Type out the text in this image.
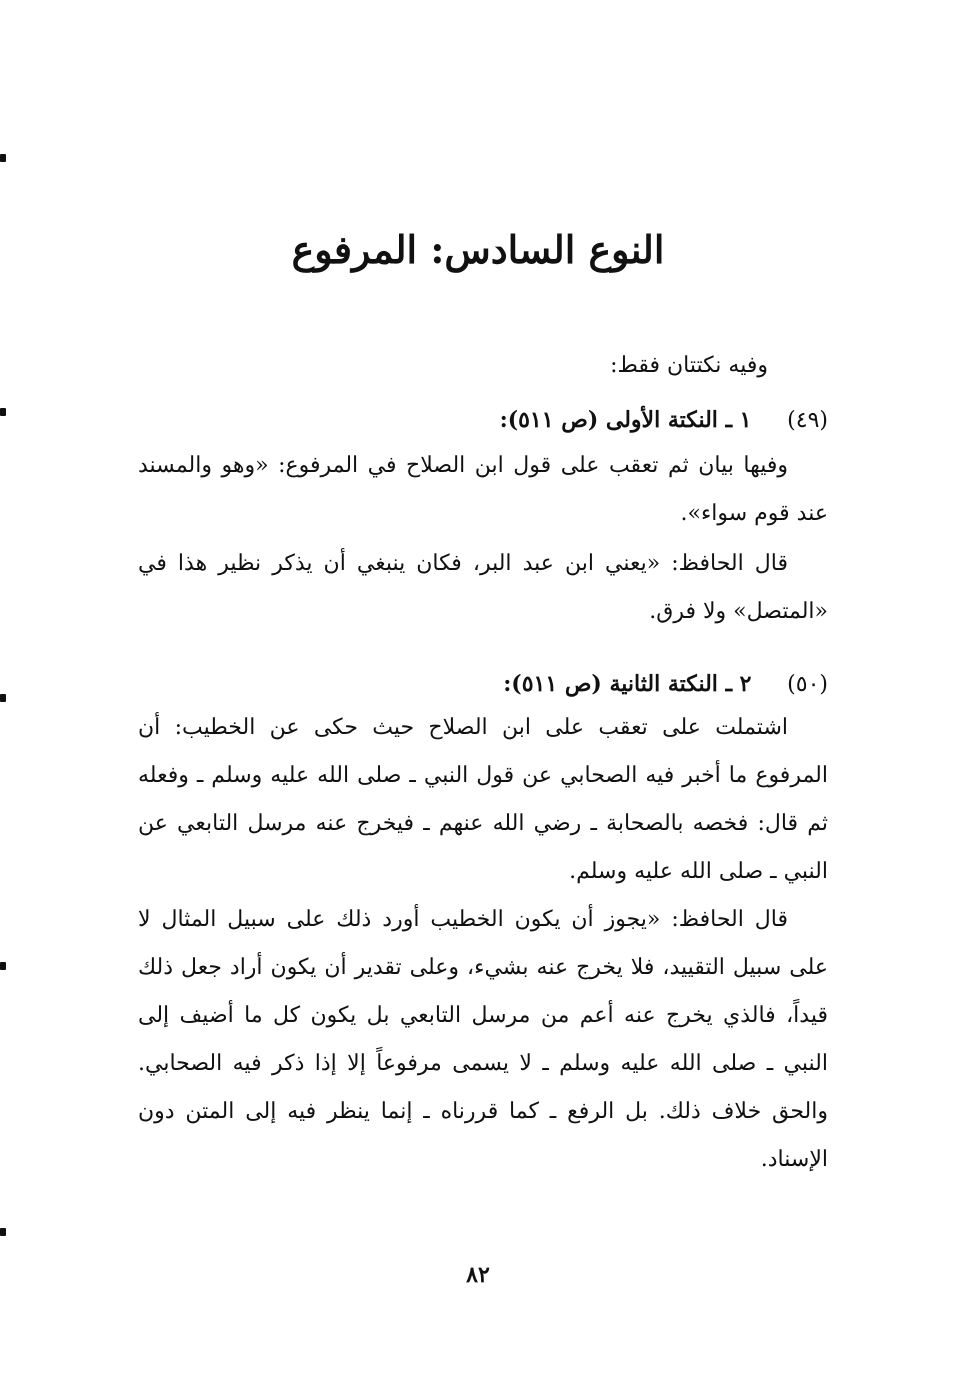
النوع السادس: المرفوع
وفيه نكتتان فقط:
(٤٩) ١ ـ النكتة الأولى (ص ٥١١):
وفيها بيان ثم تعقب على قول ابن الصلاح في المرفوع: «وهو والمسند عند قوم سواء».
قال الحافظ: «يعني ابن عبد البر، فكان ينبغي أن يذكر نظير هذا في «المتصل» ولا فرق.
(٥٠) ٢ ـ النكتة الثانية (ص ٥١١):
اشتملت على تعقب على ابن الصلاح حيث حكى عن الخطيب: أن المرفوع ما أخبر فيه الصحابي عن قول النبي ـ صلى الله عليه وسلم ـ وفعله ثم قال: فخصه بالصحابة ـ رضي الله عنهم ـ فيخرج عنه مرسل التابعي عن النبي ـ صلى الله عليه وسلم.
قال الحافظ: «يجوز أن يكون الخطيب أورد ذلك على سبيل المثال لا على سبيل التقييد، فلا يخرج عنه بشيء، وعلى تقدير أن يكون أراد جعل ذلك قيداً، فالذي يخرج عنه أعم من مرسل التابعي بل يكون كل ما أضيف إلى النبي ـ صلى الله عليه وسلم ـ لا يسمى مرفوعاً إلا إذا ذكر فيه الصحابي. والحق خلاف ذلك. بل الرفع ـ كما قررناه ـ إنما ينظر فيه إلى المتن دون الإسناد.
٨٢
